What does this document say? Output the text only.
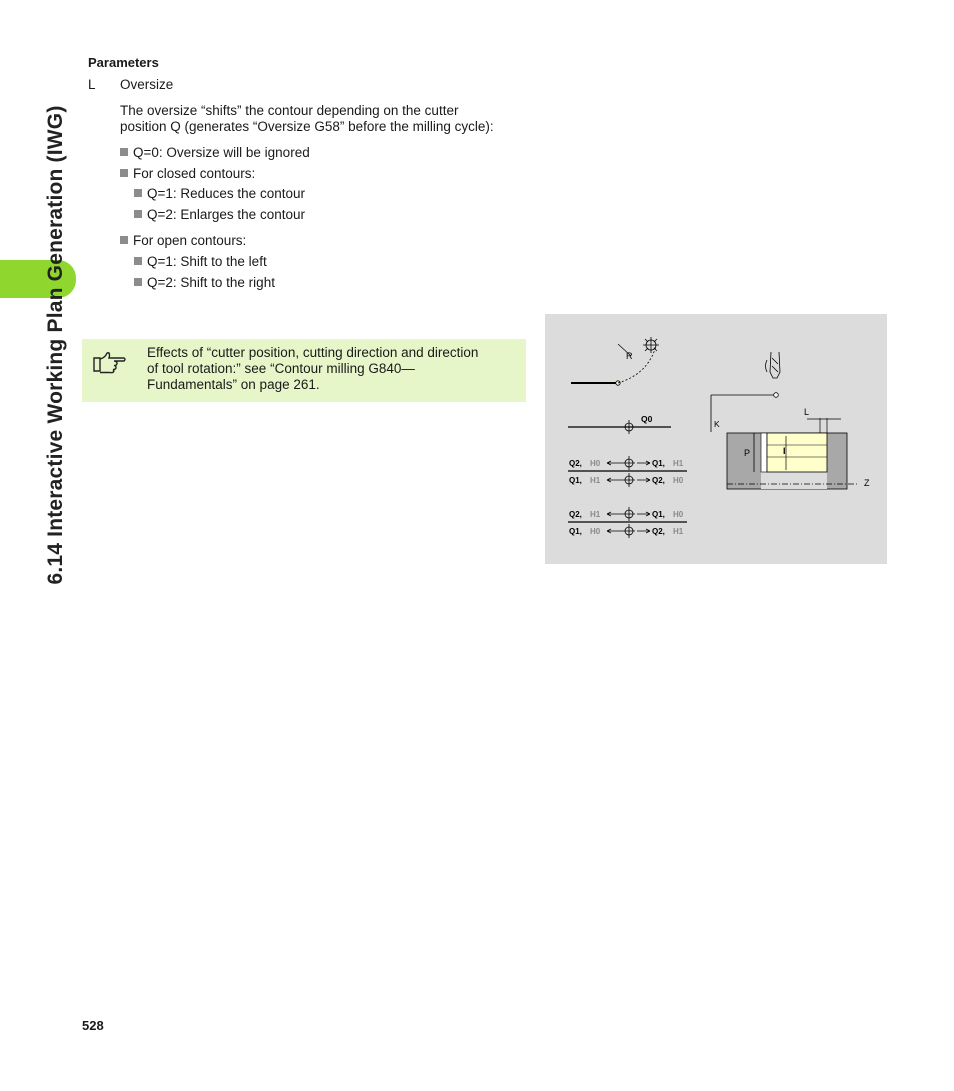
6.14 Interactive Working Plan Generation (IWG)

Parameters

L Oversize

The oversize “shifts” the contour depending on the cutter

position Q (generates “Oversize G58” before the milling cycle):

Q=0: Oversize will be ignored

For closed contours:

Q=1: Reduces the contour

Q=2: Enlarges the contour

For open contours:

Q=1: Shift to the left

Q=2: Shift to the right

Effects of “cutter position, cutting direction and direction
of tool rotation:” see “Contour milling G840—
Fundamentals” on page 261.
R
Q0
Q2, H0	Q1, H1
Q1, H1	Q2, H0
Q2, H1	Q1, H0
Q1, H0	Q2, H1
K
Z
I
P
L

528
